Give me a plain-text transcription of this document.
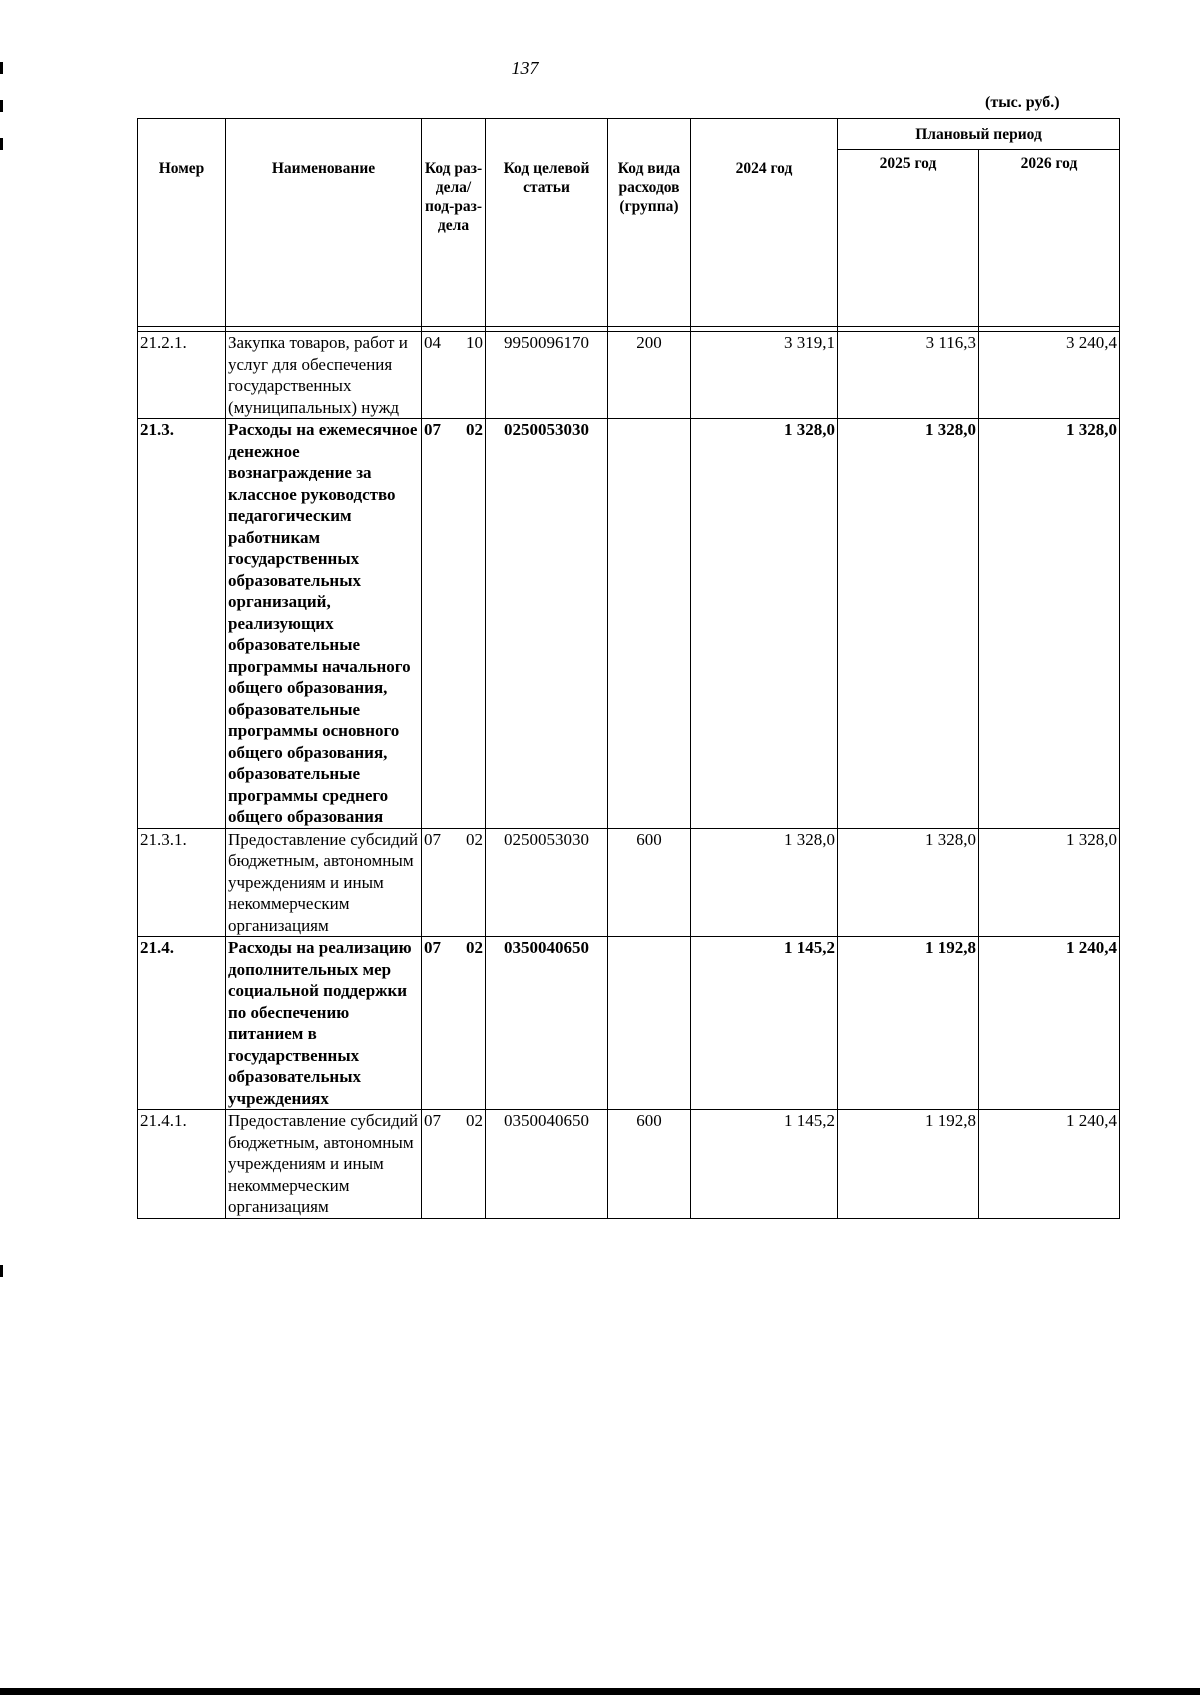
137
(тыс. руб.)
Номер	Наименование	Код раз-дела/ под-раз-дела	Код целевой статьи	Код вида расходов (группа)	2024 год	Плановый период	
						2025 год	2026 год

21.2.1.	Закупка товаров, работ и услуг для обеспечения государственных (муниципальных) нужд	04 10	9950096170	200	3 319,1	3 116,3	3 240,4
21.3.	Расходы на ежемесячное денежное вознаграждение за классное руководство педагогическим работникам государственных образовательных организаций, реализующих образовательные программы начального общего образования, образовательные программы основного общего образования, образовательные программы среднего общего образования	07 02	0250053030		1 328,0	1 328,0	1 328,0
21.3.1.	Предоставление субсидий бюджетным, автономным учреждениям и иным некоммерческим организациям	07 02	0250053030	600	1 328,0	1 328,0	1 328,0
21.4.	Расходы на реализацию дополнительных мер социальной поддержки по обеспечению питанием в государственных образовательных учреждениях	07 02	0350040650		1 145,2	1 192,8	1 240,4
21.4.1.	Предоставление субсидий бюджетным, автономным учреждениям и иным некоммерческим организациям	07 02	0350040650	600	1 145,2	1 192,8	1 240,4
